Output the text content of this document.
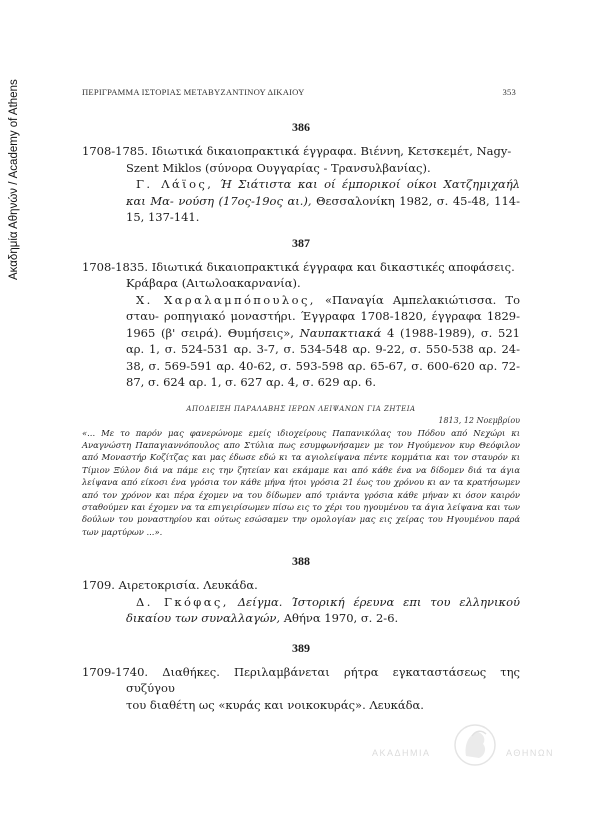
Ακαδημία Αθηνών / Academy of Athens	ΠΕΡΙΓΡΑΜΜΑ ΙΣΤΟΡΙΑΣ ΜΕΤΑΒΥΖΑΝΤΙΝΟΥ ΔΙΚΑΙΟΥ	353
386

1708-1785. Ιδιωτικά δικαιοπρακτικά έγγραφα. Βιέννη, Κετσκεμέτ, Nagy-
Szent Miklos (σύνορα Ουγγαρίας - Τρανσυλβανίας).

Γ. Λάϊος, Ή Σιάτιστα και οί έμπορικοί οίκοι Χατζημιχαήλ και Μα- νούση (17ος-19ος αι.), Θεσσαλονίκη 1982, σ. 45-48, 114-15, 137-141.

387

1708-1835. Ιδιωτικά δικαιοπρακτικά έγγραφα και δικαστικές αποφάσεις.
Κράβαρα (Αιτωλοακαρνανία).

Χ. Χαραλαμπόπουλος, «Παναγία Αμπελακιώτισσα. Το σταυ- ροπηγιακό μοναστήρι. Έγγραφα 1708-1820, έγγραφα 1829-1965 (β' σειρά). Θυμήσεις», Ναυπακτιακά 4 (1988-1989), σ. 521 αρ. 1, σ. 524-531 αρ. 3-7, σ. 534-548 αρ. 9-22, σ. 550-538 αρ. 24-38, σ. 569-591 αρ. 40-62, σ. 593-598 αρ. 65-67, σ. 600-620 αρ. 72-87, σ. 624 αρ. 1, σ. 627 αρ. 4, σ. 629 αρ. 6.

ΑΠΟΔΕΙΞΗ ΠΑΡΑΛΑΒΗΣ ΙΕΡΩΝ ΛΕΙΨΑΝΩΝ ΓΙΑ ΖΗΤΕΙΑ
1813, 12 Νοεμβρίου
«... Με το παρόν μας φανερώνομε εμείς ιδιοχείρους Παπανικόλας του Πόδου από Νεχώρι κι Αναγνώστη Παπαγιαννόπουλος απο Στύλια πως εσυμφωνήσαμεν με τον Ηγούμενον κυρ Θεόφιλον από Μοναστήρ Κοζίτζας και μας έδωσε εδώ κι τα αγιολείψανα πέντε κομμάτια και τον σταυρόν κι Τίμιον Ξύλον διά να πάμε εις την ζητείαν και εκάμαμε και από κάθε ένα να δίδομεν διά τα άγια λείψανα από είκοσι ένα γρόσια τον κάθε μήνα ήτοι γρόσια 21 έως του χρόνου κι αν τα κρατήσωμεν από τον χρόνον και πέρα έχομεν να του δίδωμεν από τριάντα γρόσια κάθε μήναν κι όσον καιρόν σταθούμεν και έχομεν να τα επιγειρίσωμεν πίσω εις το χέρι του ηγουμένου τα άγια λείψανα και των δούλων του μοναστηρίου και ούτως εσώσαμεν την ομολογίαν μας εις χείρας του Ηγουμένου παρά των μαρτύρων ...».
388

1709. Αιρετοκρισία. Λευκάδα.

Δ. Γκόφας, Δείγμα. Ίστορική έρευνα επι του ελληνικού δικαίου των συναλλαγών, Αθήνα 1970, σ. 2-6.

389

1709-1740. Διαθήκες. Περιλαμβάνεται ρήτρα εγκαταστάσεως της συζύγου
του διαθέτη ως «κυράς και νοικοκυράς». Λευκάδα.

ΑΚΑΔΗΜΙΑ	ΑΘΗΝΩΝ
